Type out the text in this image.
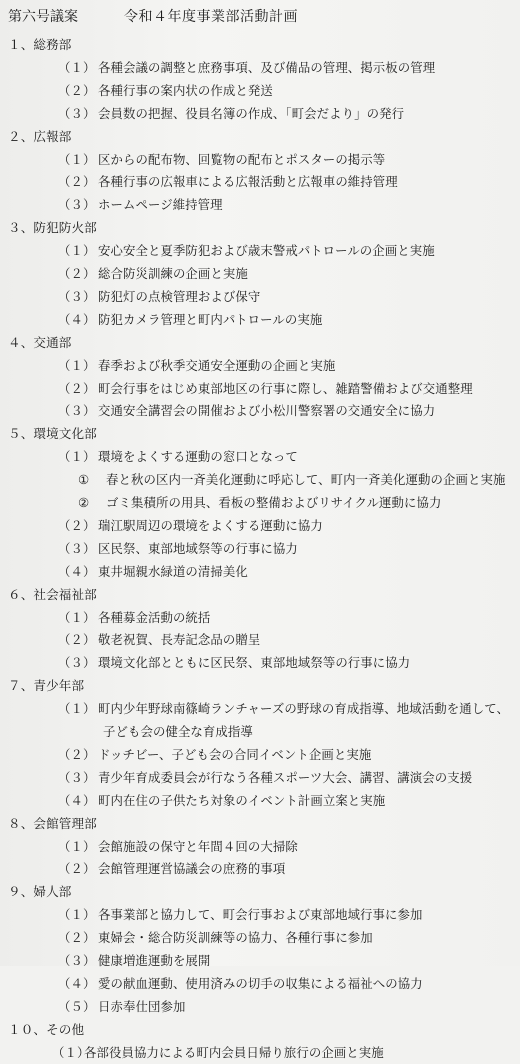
第六号議案	令和４年度事業部活動計画
１、総務部
（１） 各種会議の調整と庶務事項、及び備品の管理、掲示板の管理
（２） 各種行事の案内状の作成と発送
（３） 会員数の把握、役員名簿の作成、「町会だより」の発行
２、広報部
（１） 区からの配布物、回覧物の配布とポスターの掲示等
（２） 各種行事の広報車による広報活動と広報車の維持管理
（３） ホームページ維持管理
３、防犯防火部
（１） 安心安全と夏季防犯および歳末警戒パトロールの企画と実施
（２） 総合防災訓練の企画と実施
（３） 防犯灯の点検管理および保守
（４） 防犯カメラ管理と町内パトロールの実施
４、交通部
（１） 春季および秋季交通安全運動の企画と実施
（２） 町会行事をはじめ東部地区の行事に際し、雑踏警備および交通整理
（３） 交通安全講習会の開催および小松川警察署の交通安全に協力
５、環境文化部
（１） 環境をよくする運動の窓口となって
① 春と秋の区内一斉美化運動に呼応して、町内一斉美化運動の企画と実施
② ゴミ集積所の用具、看板の整備およびリサイクル運動に協力
（２） 瑞江駅周辺の環境をよくする運動に協力
（３） 区民祭、東部地域祭等の行事に協力
（４） 東井堀親水緑道の清掃美化
６、社会福祉部
（１） 各種募金活動の統括
（２） 敬老祝賀、長寿記念品の贈呈
（３） 環境文化部とともに区民祭、東部地域祭等の行事に協力
７、青少年部
（１） 町内少年野球南篠崎ランチャーズの野球の育成指導、地域活動を通して、
子ども会の健全な育成指導
（２） ドッチビー、子ども会の合同イベント企画と実施
（３） 青少年育成委員会が行なう各種スポーツ大会、講習、講演会の支援
（４） 町内在住の子供たち対象のイベント計画立案と実施
８、会館管理部
（１） 会館施設の保守と年間４回の大掃除
（２） 会館管理運営協議会の庶務的事項
９、婦人部
（１） 各事業部と協力して、町会行事および東部地域行事に参加
（２） 東婦会・総合防災訓練等の協力、各種行事に参加
（３） 健康増進運動を展開
（４） 愛の献血運動、使用済みの切手の収集による福祉への協力
（５） 日赤奉仕団参加
１０、その他
（１）各部役員協力による町内会員日帰り旅行の企画と実施
